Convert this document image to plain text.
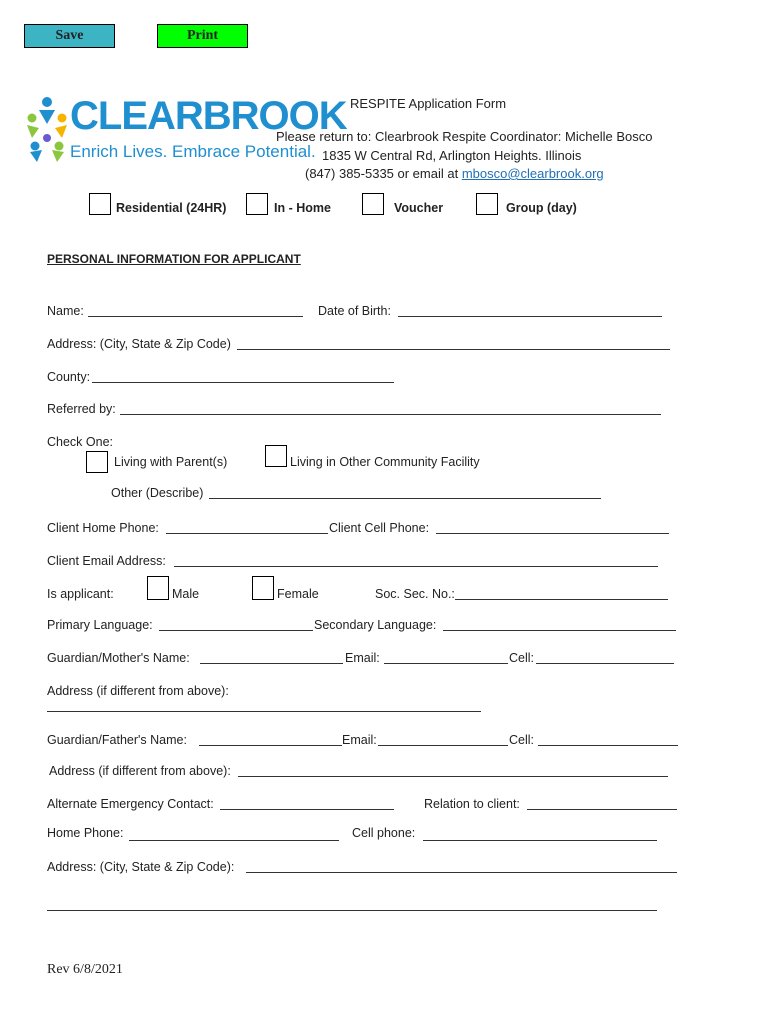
Save	Print
CLEARBROOK
Enrich Lives. Embrace Potential.
RESPITE Application Form
Please return to: Clearbrook Respite Coordinator: Michelle Bosco
1835 W Central Rd, Arlington Heights. Illinois
(847) 385-5335 or email at mbosco@clearbrook.org
Residential (24HR)	In - Home	Voucher	Group (day)
PERSONAL INFORMATION FOR APPLICANT
Name:	Date of Birth:
Address: (City, State & Zip Code)
County:
Referred by:
Check One:
Living with Parent(s)	Living in Other Community Facility
Other (Describe)
Client Home Phone:	Client Cell Phone:
Client Email Address:
Is applicant:	Male	Female	Soc. Sec. No.:
Primary Language:	Secondary Language:
Guardian/Mother's Name:	Email:	Cell:
Address (if different from above):
Guardian/Father's Name:	Email:	Cell:
Address (if different from above):
Alternate Emergency Contact:	Relation to client:
Home Phone:	Cell phone:
Address: (City, State & Zip Code):
Rev 6/8/2021
